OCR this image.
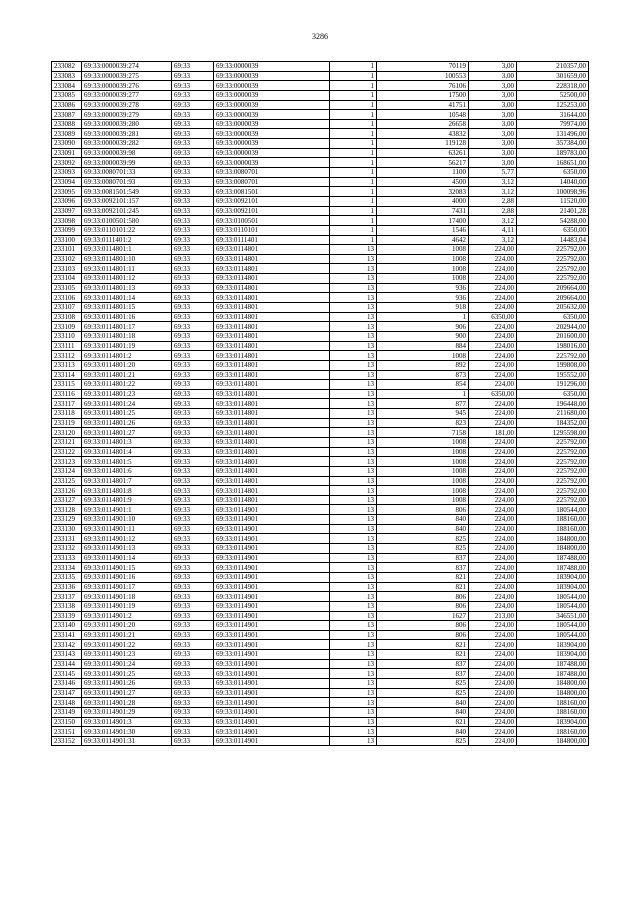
3286
233082	69:33:0000039:274	69:33	69:33:0000039	1	70119	3,00	210357,00
233083	69:33:0000039:275	69:33	69:33:0000039	1	100553	3,00	301659,00
233084	69:33:0000039:276	69:33	69:33:0000039	1	76106	3,00	228318,00
233085	69:33:0000039:277	69:33	69:33:0000039	1	17500	3,00	52500,00
233086	69:33:0000039:278	69:33	69:33:0000039	1	41751	3,00	125253,00
233087	69:33:0000039:279	69:33	69:33:0000039	1	10548	3,00	31644,00
233088	69:33:0000039:280	69:33	69:33:0000039	1	26658	3,00	79974,00
233089	69:33:0000039:281	69:33	69:33:0000039	1	43832	3,00	131496,00
233090	69:33:0000039:282	69:33	69:33:0000039	1	119128	3,00	357384,00
233091	69:33:0000039:98	69:33	69:33:0000039	1	63261	3,00	189783,00
233092	69:33:0000039:99	69:33	69:33:0000039	1	56217	3,00	168651,00
233093	69:33:0080701:33	69:33	69:33:0080701	1	1100	5,77	6350,00
233094	69:33:0080701:93	69:33	69:33:0080701	1	4500	3,12	14040,00
233095	69:33:0081501:549	69:33	69:33:0081501	1	32083	3,12	100098,96
233096	69:33:0092101:157	69:33	69:33:0092101	1	4000	2,88	11520,00
233097	69:33:0092101:245	69:33	69:33:0092101	1	7431	2,88	21401,28
233098	69:33:0100501:580	69:33	69:33:0100501	1	17400	3,12	54288,00
233099	69:33:0110101:22	69:33	69:33:0110101	1	1546	4,11	6350,00
233100	69:33:0111401:2	69:33	69:33:0111401	1	4642	3,12	14483,04
233101	69:33:0114801:1	69:33	69:33:0114801	13	1008	224,00	225792,00
233102	69:33:0114801:10	69:33	69:33:0114801	13	1008	224,00	225792,00
233103	69:33:0114801:11	69:33	69:33:0114801	13	1008	224,00	225792,00
233104	69:33:0114801:12	69:33	69:33:0114801	13	1008	224,00	225792,00
233105	69:33:0114801:13	69:33	69:33:0114801	13	936	224,00	209664,00
233106	69:33:0114801:14	69:33	69:33:0114801	13	936	224,00	209664,00
233107	69:33:0114801:15	69:33	69:33:0114801	13	918	224,00	205632,00
233108	69:33:0114801:16	69:33	69:33:0114801	13	1	6350,00	6350,00
233109	69:33:0114801:17	69:33	69:33:0114801	13	906	224,00	202944,00
233110	69:33:0114801:18	69:33	69:33:0114801	13	900	224,00	201600,00
233111	69:33:0114801:19	69:33	69:33:0114801	13	884	224,00	198016,00
233112	69:33:0114801:2	69:33	69:33:0114801	13	1008	224,00	225792,00
233113	69:33:0114801:20	69:33	69:33:0114801	13	892	224,00	199808,00
233114	69:33:0114801:21	69:33	69:33:0114801	13	873	224,00	195552,00
233115	69:33:0114801:22	69:33	69:33:0114801	13	854	224,00	191296,00
233116	69:33:0114801:23	69:33	69:33:0114801	13	1	6350,00	6350,00
233117	69:33:0114801:24	69:33	69:33:0114801	13	877	224,00	196448,00
233118	69:33:0114801:25	69:33	69:33:0114801	13	945	224,00	211680,00
233119	69:33:0114801:26	69:33	69:33:0114801	13	823	224,00	184352,00
233120	69:33:0114801:27	69:33	69:33:0114801	13	7158	181,00	1295598,00
233121	69:33:0114801:3	69:33	69:33:0114801	13	1008	224,00	225792,00
233122	69:33:0114801:4	69:33	69:33:0114801	13	1008	224,00	225792,00
233123	69:33:0114801:5	69:33	69:33:0114801	13	1008	224,00	225792,00
233124	69:33:0114801:6	69:33	69:33:0114801	13	1008	224,00	225792,00
233125	69:33:0114801:7	69:33	69:33:0114801	13	1008	224,00	225792,00
233126	69:33:0114801:8	69:33	69:33:0114801	13	1008	224,00	225792,00
233127	69:33:0114801:9	69:33	69:33:0114801	13	1008	224,00	225792,00
233128	69:33:0114901:1	69:33	69:33:0114901	13	806	224,00	180544,00
233129	69:33:0114901:10	69:33	69:33:0114901	13	840	224,00	188160,00
233130	69:33:0114901:11	69:33	69:33:0114901	13	840	224,00	188160,00
233131	69:33:0114901:12	69:33	69:33:0114901	13	825	224,00	184800,00
233132	69:33:0114901:13	69:33	69:33:0114901	13	825	224,00	184800,00
233133	69:33:0114901:14	69:33	69:33:0114901	13	837	224,00	187488,00
233134	69:33:0114901:15	69:33	69:33:0114901	13	837	224,00	187488,00
233135	69:33:0114901:16	69:33	69:33:0114901	13	821	224,00	183904,00
233136	69:33:0114901:17	69:33	69:33:0114901	13	821	224,00	183904,00
233137	69:33:0114901:18	69:33	69:33:0114901	13	806	224,00	180544,00
233138	69:33:0114901:19	69:33	69:33:0114901	13	806	224,00	180544,00
233139	69:33:0114901:2	69:33	69:33:0114901	13	1627	213,00	346551,00
233140	69:33:0114901:20	69:33	69:33:0114901	13	806	224,00	180544,00
233141	69:33:0114901:21	69:33	69:33:0114901	13	806	224,00	180544,00
233142	69:33:0114901:22	69:33	69:33:0114901	13	821	224,00	183904,00
233143	69:33:0114901:23	69:33	69:33:0114901	13	821	224,00	183904,00
233144	69:33:0114901:24	69:33	69:33:0114901	13	837	224,00	187488,00
233145	69:33:0114901:25	69:33	69:33:0114901	13	837	224,00	187488,00
233146	69:33:0114901:26	69:33	69:33:0114901	13	825	224,00	184800,00
233147	69:33:0114901:27	69:33	69:33:0114901	13	825	224,00	184800,00
233148	69:33:0114901:28	69:33	69:33:0114901	13	840	224,00	188160,00
233149	69:33:0114901:29	69:33	69:33:0114901	13	840	224,00	188160,00
233150	69:33:0114901:3	69:33	69:33:0114901	13	821	224,00	183904,00
233151	69:33:0114901:30	69:33	69:33:0114901	13	840	224,00	188160,00
233152	69:33:0114901:31	69:33	69:33:0114901	13	825	224,00	184800,00
